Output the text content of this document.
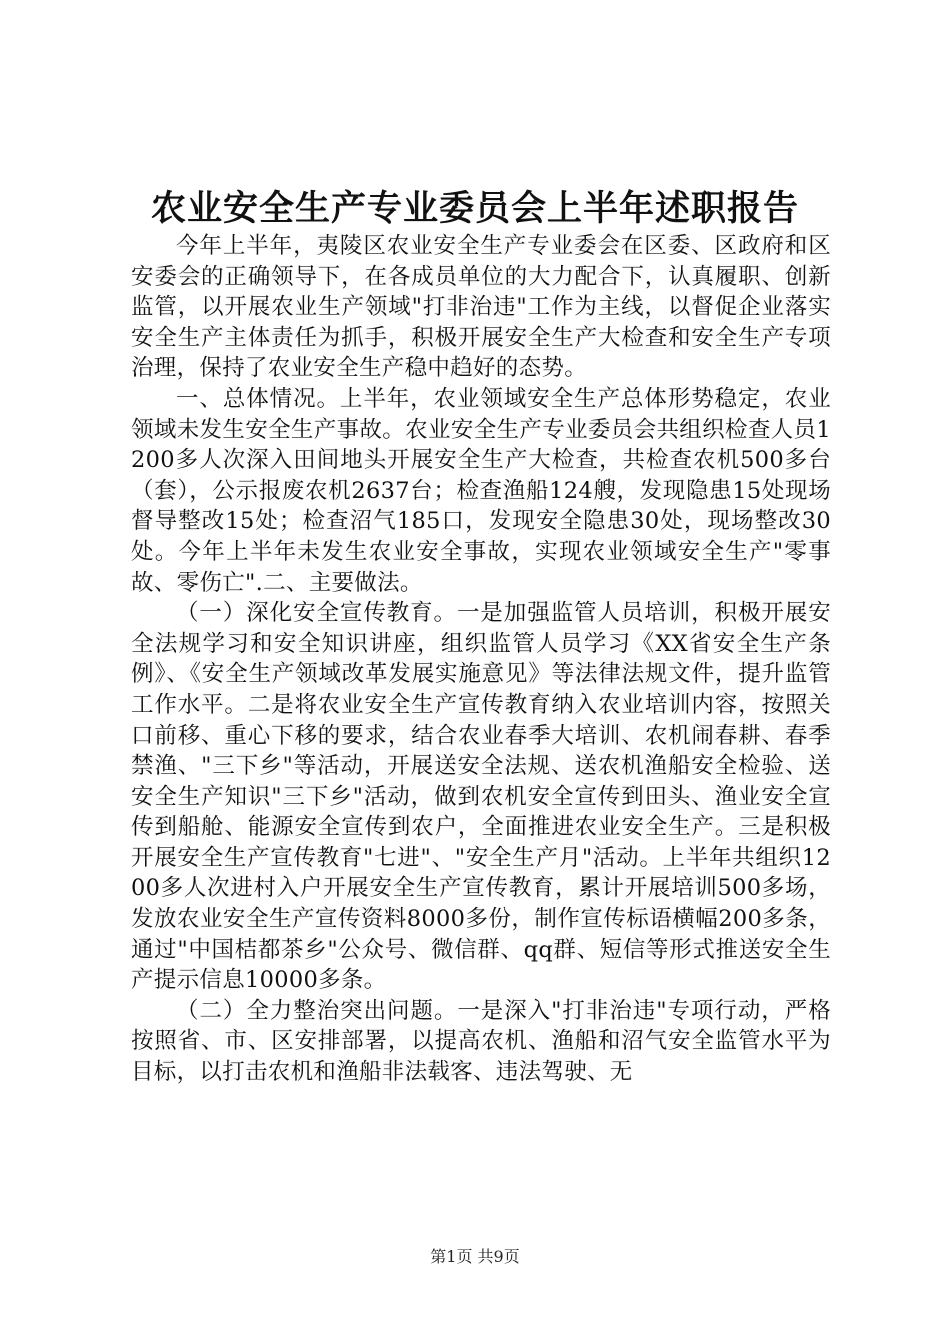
农业安全生产专业委员会上半年述职报告

今年上半年，夷陵区农业安全生产专业委会在区委、区政府和区安委会的正确领导下，在各成员单位的大力配合下，认真履职、创新监管，以开展农业生产领域"打非治违"工作为主线，以督促企业落实安全生产主体责任为抓手，积极开展安全生产大检查和安全生产专项治理，保持了农业安全生产稳中趋好的态势。

一、总体情况。上半年，农业领域安全生产总体形势稳定，农业领域未发生安全生产事故。农业安全生产专业委员会共组织检查人员1200多人次深入田间地头开展安全生产大检查，共检查农机500多台（套），公示报废农机2637台；检查渔船124艘，发现隐患15处现场督导整改15处；检查沼气185口，发现安全隐患30处，现场整改30处。今年上半年未发生农业安全事故，实现农业领域安全生产"零事故、零伤亡".二、主要做法。

（一）深化安全宣传教育。一是加强监管人员培训，积极开展安全法规学习和安全知识讲座，组织监管人员学习《XX省安全生产条例》、《安全生产领域改革发展实施意见》等法律法规文件，提升监管工作水平。二是将农业安全生产宣传教育纳入农业培训内容，按照关口前移、重心下移的要求，结合农业春季大培训、农机闹春耕、春季禁渔、"三下乡"等活动，开展送安全法规、送农机渔船安全检验、送安全生产知识"三下乡"活动，做到农机安全宣传到田头、渔业安全宣传到船舱、能源安全宣传到农户，全面推进农业安全生产。三是积极开展安全生产宣传教育"七进"、"安全生产月"活动。上半年共组织1200多人次进村入户开展安全生产宣传教育，累计开展培训500多场，发放农业安全生产宣传资料8000多份，制作宣传标语横幅200多条，通过"中国桔都茶乡"公众号、微信群、qq群、短信等形式推送安全生产提示信息10000多条。

（二）全力整治突出问题。一是深入"打非治违"专项行动，严格按照省、市、区安排部署，以提高农机、渔船和沼气安全监管水平为目标，以打击农机和渔船非法载客、违法驾驶、无

第1页 共9页
